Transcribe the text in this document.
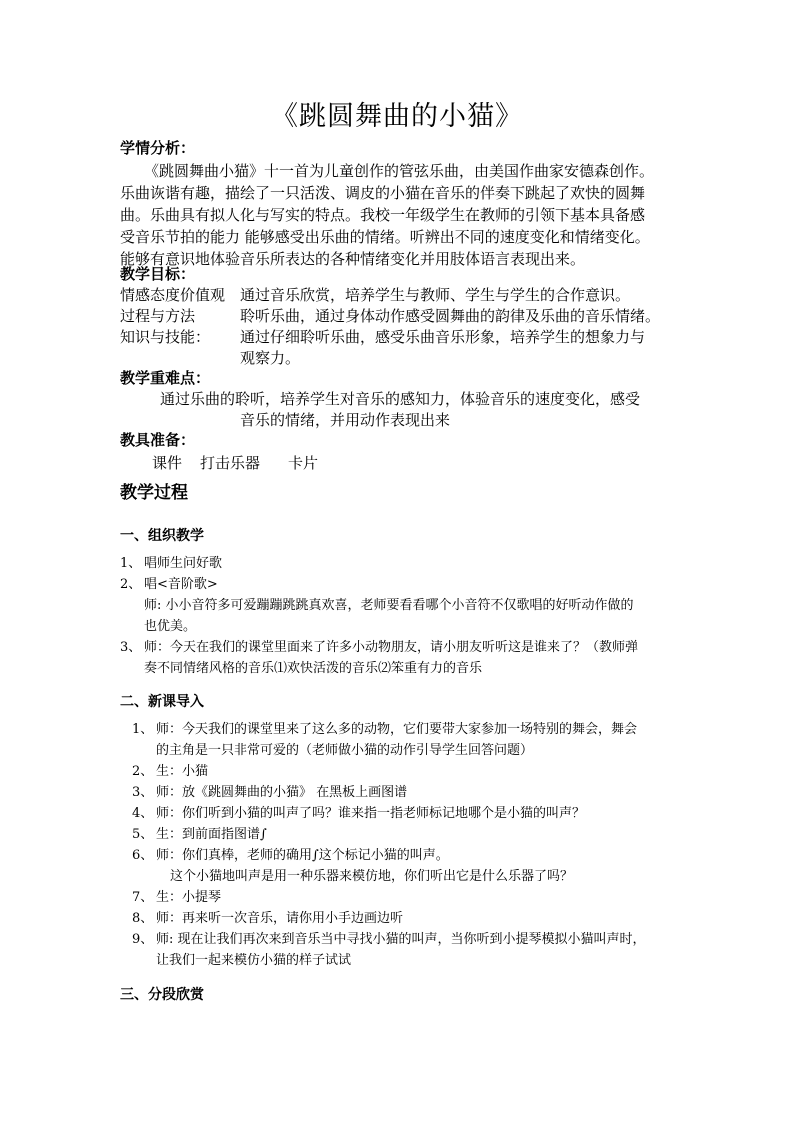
《跳圆舞曲的小猫》
学情分析：
《跳圆舞曲小猫》十一首为儿童创作的管弦乐曲，由美国作曲家安德森创作。
乐曲诙谐有趣，描绘了一只活泼、调皮的小猫在音乐的伴奏下跳起了欢快的圆舞
曲。乐曲具有拟人化与写实的特点。我校一年级学生在教师的引领下基本具备感
受音乐节拍的能力 能够感受出乐曲的情绪。听辨出不同的速度变化和情绪变化。
能够有意识地体验音乐所表达的各种情绪变化并用肢体语言表现出来。
教学目标：
情感态度价值观 通过音乐欣赏，培养学生与教师、学生与学生的合作意识。
过程与方法	聆听乐曲，通过身体动作感受圆舞曲的韵律及乐曲的音乐情绪。
知识与技能： 通过仔细聆听乐曲，感受乐曲音乐形象，培养学生的想象力与
观察力。
教学重难点：
通过乐曲的聆听，培养学生对音乐的感知力，体验音乐的速度变化，感受
音乐的情绪，并用动作表现出来
教具准备：
课件 打击乐器 卡片
教学过程
一、组织教学
1、 唱师生问好歌
2、 唱<音阶歌>
师: 小小音符多可爱蹦蹦跳跳真欢喜，老师要看看哪个小音符不仅歌唱的好听动作做的
也优美。
3、 师：今天在我们的课堂里面来了许多小动物朋友，请小朋友听听这是谁来了？（教师弹
奏不同情绪风格的音乐⑴欢快活泼的音乐⑵笨重有力的音乐
二、新课导入
1、 师：今天我们的课堂里来了这么多的动物，它们要带大家参加一场特别的舞会，舞会
的主角是一只非常可爱的（老师做小猫的动作引导学生回答问题）
2、 生：小猫
3、 师：放《跳圆舞曲的小猫》 在黑板上画图谱
4、 师：你们听到小猫的叫声了吗？谁来指一指老师标记地哪个是小猫的叫声？
5、 生：到前面指图谱∫
6、 师：你们真棒，老师的确用∫这个标记小猫的叫声。
这个小猫地叫声是用一种乐器来模仿地，你们听出它是什么乐器了吗？
7、 生：小提琴
8、 师：再来听一次音乐，请你用小手边画边听
9、 师: 现在让我们再次来到音乐当中寻找小猫的叫声，当你听到小提琴模拟小猫叫声时，
让我们一起来模仿小猫的样子试试
三、分段欣赏
